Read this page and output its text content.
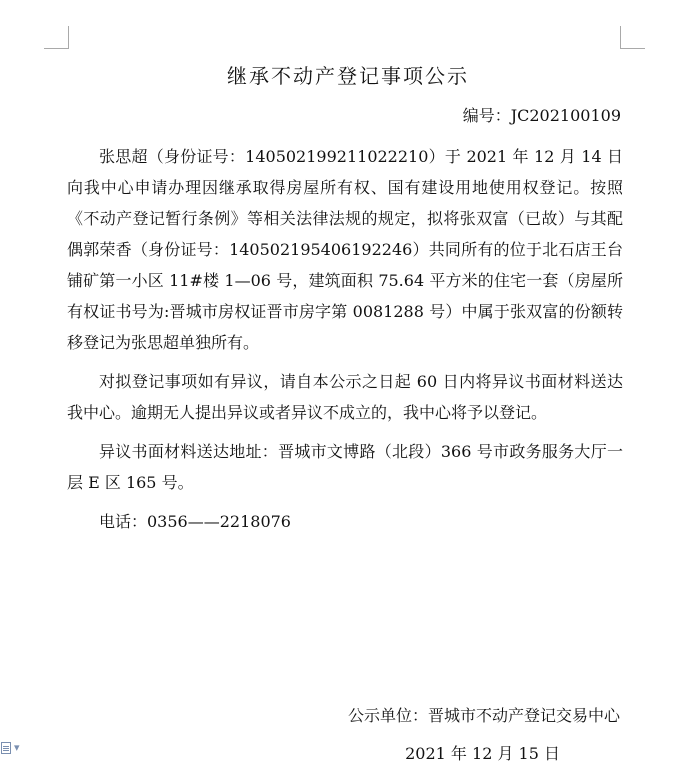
继承不动产登记事项公示
编号：JC202100109

张思超（身份证号：140502199211022210）于 2021 年 12 月 14 日向我中心申请办理因继承取得房屋所有权、国有建设用地使用权登记。按照《不动产登记暂行条例》等相关法律法规的规定，拟将张双富（已故）与其配偶郭荣香（身份证号：140502195406192246）共同所有的位于北石店王台铺矿第一小区 11#楼 1—06 号，建筑面积 75.64 平方米的住宅一套（房屋所有权证书号为:晋城市房权证晋市房字第 0081288 号）中属于张双富的份额转移登记为张思超单独所有。

对拟登记事项如有异议，请自本公示之日起 60 日内将异议书面材料送达我中心。逾期无人提出异议或者异议不成立的，我中心将予以登记。

异议书面材料送达地址：晋城市文博路（北段）366 号市政务服务大厅一层 E 区 165 号。

电话：0356——2218076

公示单位：晋城市不动产登记交易中心
2021 年 12 月 15 日
▾
